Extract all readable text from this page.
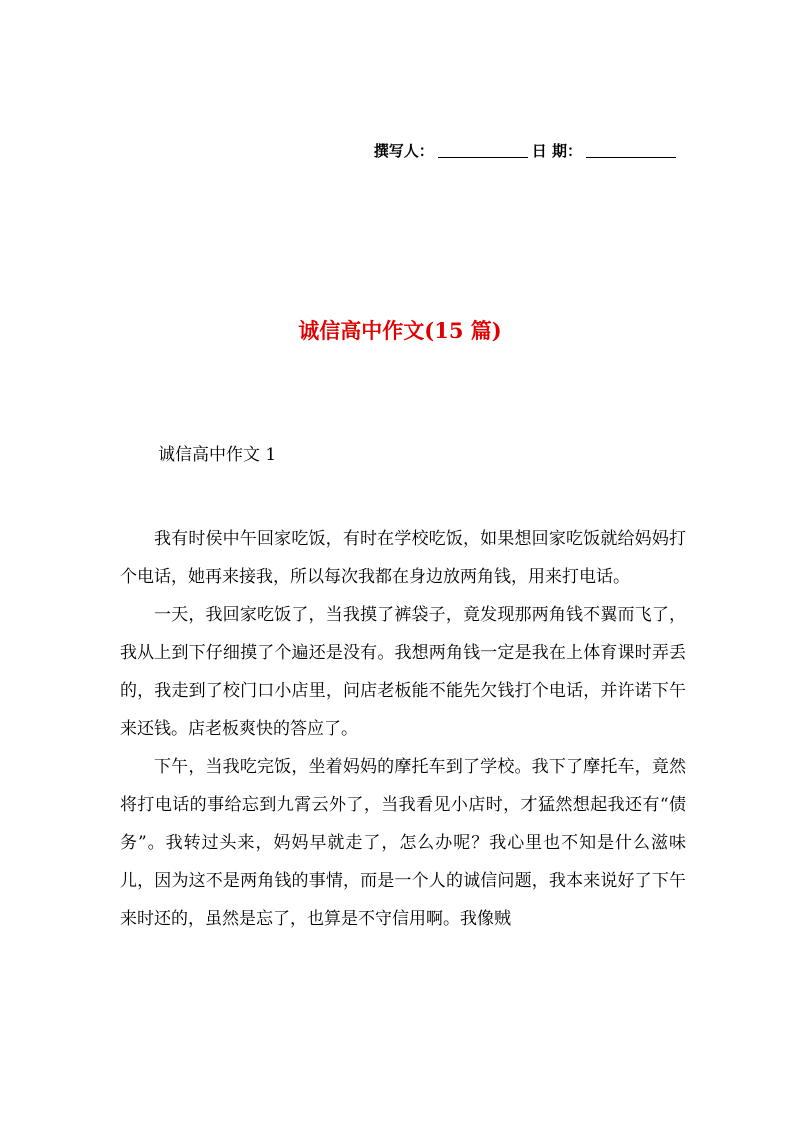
撰写人：	日 期：
诚信高中作文(15 篇)
诚信高中作文 1

我有时侯中午回家吃饭，有时在学校吃饭，如果想回家吃饭就给妈妈打个电话，她再来接我，所以每次我都在身边放两角钱，用来打电话。

一天，我回家吃饭了，当我摸了裤袋子，竟发现那两角钱不翼而飞了，我从上到下仔细摸了个遍还是没有。我想两角钱一定是我在上体育课时弄丢的，我走到了校门口小店里，问店老板能不能先欠钱打个电话，并许诺下午来还钱。店老板爽快的答应了。

下午，当我吃完饭，坐着妈妈的摩托车到了学校。我下了摩托车，竟然将打电话的事给忘到九霄云外了，当我看见小店时，才猛然想起我还有“债务”。我转过头来，妈妈早就走了，怎么办呢？我心里也不知是什么滋味儿，因为这不是两角钱的事情，而是一个人的诚信问题，我本来说好了下午来时还的，虽然是忘了，也算是不守信用啊。我像贼
